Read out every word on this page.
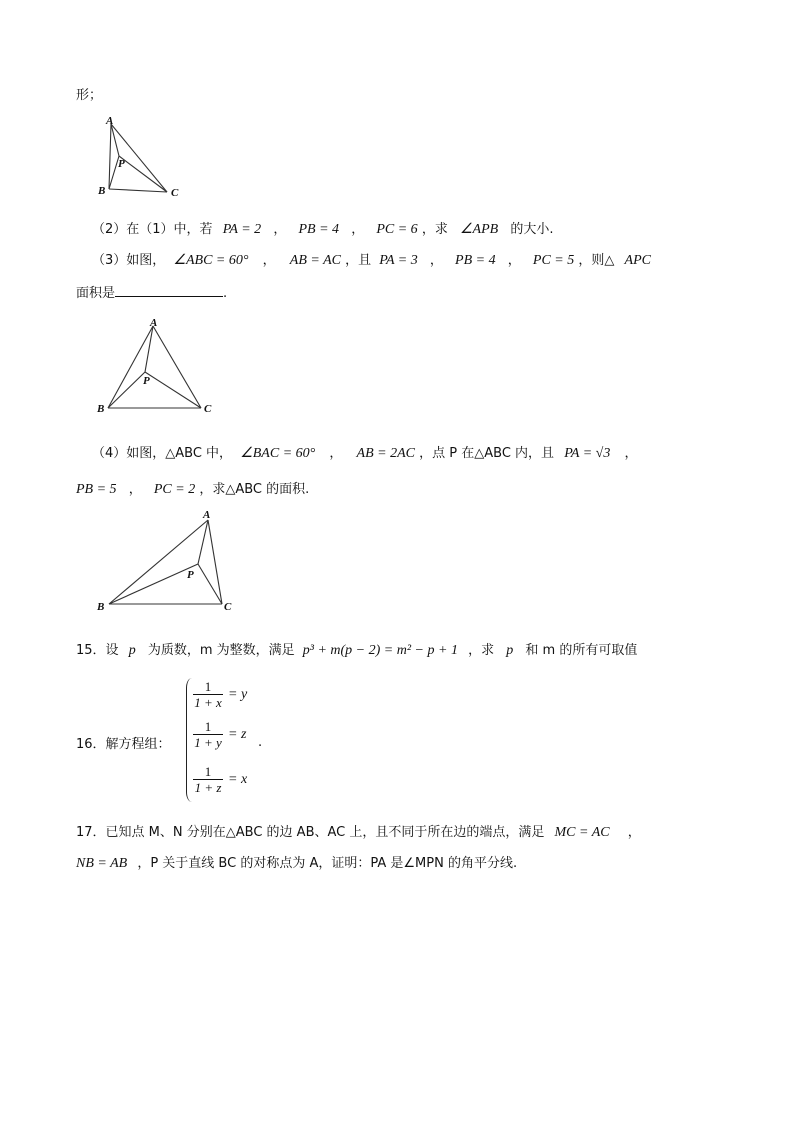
形；
A
P
B	C
（2）在（1）中，若 PA = 2 ， PB = 4 ， PC = 6 ，求 ∠APB 的大小.
（3）如图， ∠ABC = 60° ， AB = AC ，且 PA = 3 ， PB = 4 ， PC = 5 ，则△ APC
面积是	.
A
P
B	C
（4）如图，△ABC 中， ∠BAC = 60° ， AB = 2AC ，点 P 在△ABC 内，且 PA = √3 ，
PB = 5 ， PC = 2 ，求△ABC 的面积.
A
P
B	C
15．设 p 为质数，m 为整数，满足 p³ + m(p − 2) = m² − p + 1 ，求 p 和 m 的所有可取值
16．解方程组：
1
1 + x
= y
1
1 + y
= z
1
1 + z
= x
.
17．已知点 M、N 分别在△ABC 的边 AB、AC 上，且不同于所在边的端点，满足 MC = AC ，
NB = AB ，P 关于直线 BC 的对称点为 A，证明：PA 是∠MPN 的角平分线.
